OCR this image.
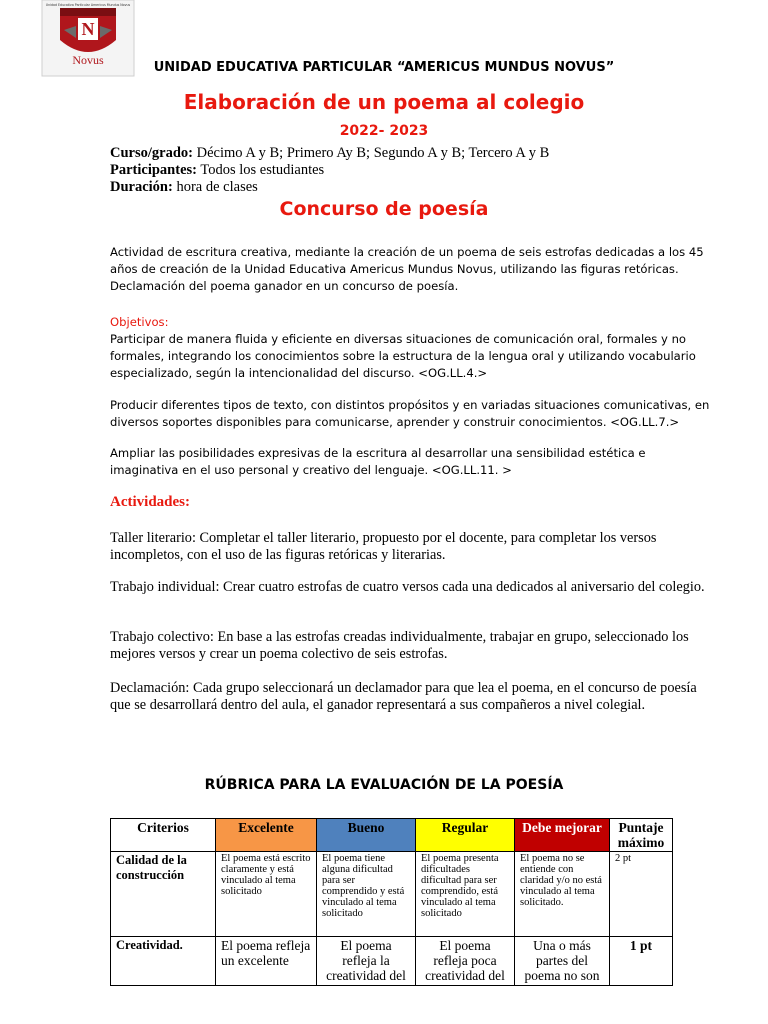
N
Unidad Educativa Particular Americus Mundus Novus
Novus	UNIDAD EDUCATIVA PARTICULAR “AMERICUS MUNDUS NOVUS”
Elaboración de un poema al colegio
2022- 2023
Curso/grado: Décimo A y B; Primero Ay B; Segundo A y B; Tercero A y B
Participantes: Todos los estudiantes
Duración: hora de clases
Concurso de poesía
Actividad de escritura creativa, mediante la creación de un poema de seis estrofas dedicadas a los 45 años de creación de la Unidad Educativa Americus Mundus Novus, utilizando las figuras retóricas. Declamación del poema ganador en un concurso de poesía.
Objetivos:
Participar de manera fluida y eficiente en diversas situaciones de comunicación oral, formales y no formales, integrando los conocimientos sobre la estructura de la lengua oral y utilizando vocabulario especializado, según la intencionalidad del discurso. <OG.LL.4.>
Producir diferentes tipos de texto, con distintos propósitos y en variadas situaciones comunicativas, en diversos soportes disponibles para comunicarse, aprender y construir conocimientos. <OG.LL.7.>
Ampliar las posibilidades expresivas de la escritura al desarrollar una sensibilidad estética e imaginativa en el uso personal y creativo del lenguaje. <OG.LL.11. >
Actividades:
Taller literario: Completar el taller literario, propuesto por el docente, para completar los versos incompletos, con el uso de las figuras retóricas y literarias.
Trabajo individual: Crear cuatro estrofas de cuatro versos cada una dedicados al aniversario del colegio.
Trabajo colectivo: En base a las estrofas creadas individualmente, trabajar en grupo, seleccionado los mejores versos y crear un poema colectivo de seis estrofas.
Declamación: Cada grupo seleccionará un declamador para que lea el poema, en el concurso de poesía que se desarrollará dentro del aula, el ganador representará a sus compañeros a nivel colegial.
RÚBRICA PARA LA EVALUACIÓN DE LA POESÍA
Criterios	Excelente	Bueno	Regular	Debe mejorar	Puntaje máximo
Calidad de la construcción	El poema está escrito claramente y está vinculado al tema solicitado	El poema tiene alguna dificultad para ser comprendido y está vinculado al tema solicitado	El poema presenta dificultades dificultad para ser comprendido, está vinculado al tema solicitado	El poema no se entiende con claridad y/o no está vinculado al tema solicitado.	2 pt
Creatividad.	El poema refleja un excelente	El poema refleja la creatividad del	El poema refleja poca creatividad del	Una o más partes del poema no son	1 pt
